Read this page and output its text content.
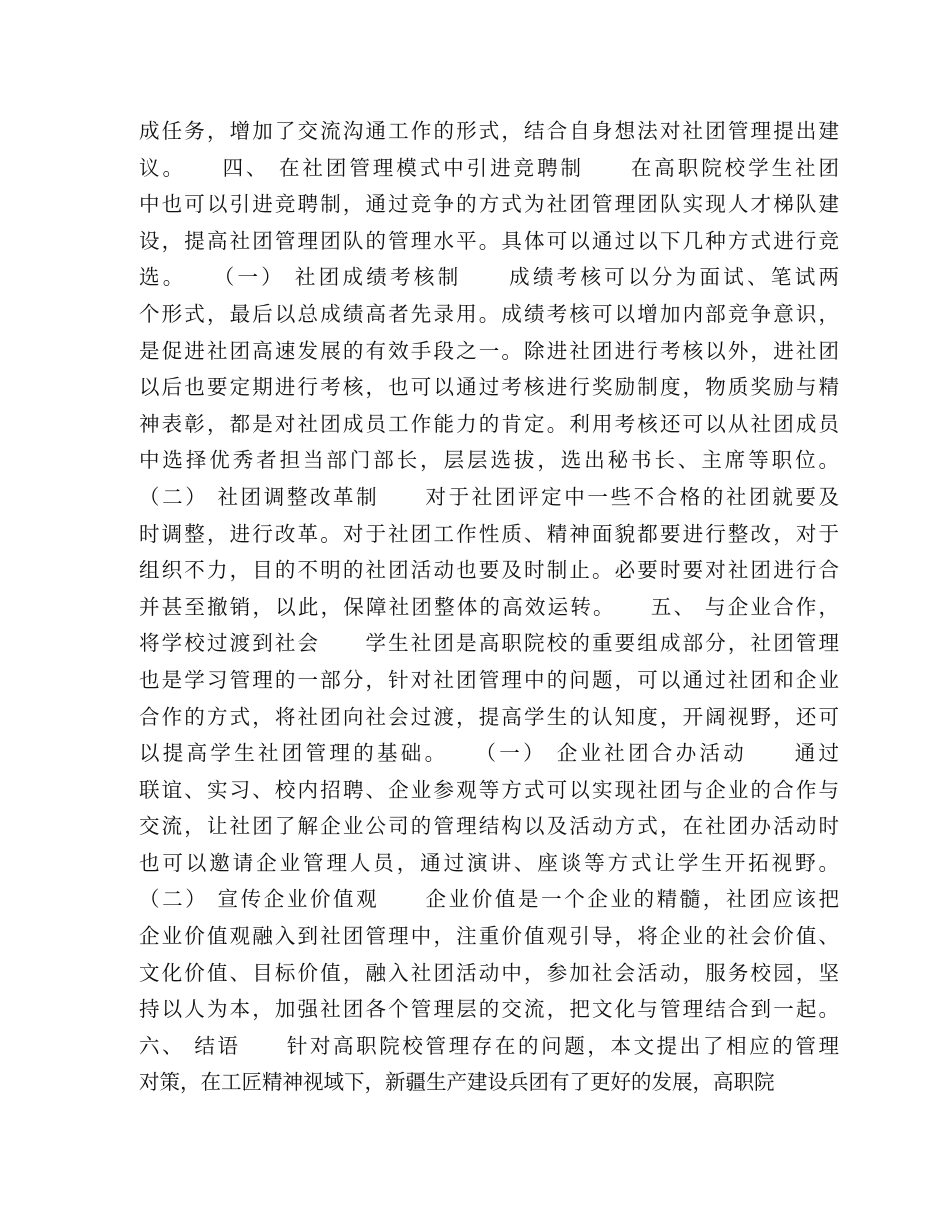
成任务，增加了交流沟通工作的形式，结合自身想法对社团管理提出建
议。　　四、 在社团管理模式中引进竞聘制　　在高职院校学生社团
中也可以引进竞聘制，通过竞争的方式为社团管理团队实现人才梯队建
设，提高社团管理团队的管理水平。具体可以通过以下几种方式进行竞
选。　　（一） 社团成绩考核制　　成绩考核可以分为面试、笔试两
个形式，最后以总成绩高者先录用。成绩考核可以增加内部竞争意识，
是促进社团高速发展的有效手段之一。除进社团进行考核以外，进社团
以后也要定期进行考核，也可以通过考核进行奖励制度，物质奖励与精
神表彰，都是对社团成员工作能力的肯定。利用考核还可以从社团成员
中选择优秀者担当部门部长，层层选拔，选出秘书长、主席等职位。
（二） 社团调整改革制　　对于社团评定中一些不合格的社团就要及
时调整，进行改革。对于社团工作性质、精神面貌都要进行整改，对于
组织不力，目的不明的社团活动也要及时制止。必要时要对社团进行合
并甚至撤销，以此，保障社团整体的高效运转。　　五、 与企业合作，
将学校过渡到社会　　学生社团是高职院校的重要组成部分，社团管理
也是学习管理的一部分，针对社团管理中的问题，可以通过社团和企业
合作的方式，将社团向社会过渡，提高学生的认知度，开阔视野，还可
以提高学生社团管理的基础。　　（一） 企业社团合办活动　　通过
联谊、实习、校内招聘、企业参观等方式可以实现社团与企业的合作与
交流，让社团了解企业公司的管理结构以及活动方式，在社团办活动时
也可以邀请企业管理人员，通过演讲、座谈等方式让学生开拓视野。
（二） 宣传企业价值观　　企业价值是一个企业的精髓，社团应该把
企业价值观融入到社团管理中，注重价值观引导，将企业的社会价值、
文化价值、目标价值，融入社团活动中，参加社会活动，服务校园，坚
持以人为本，加强社团各个管理层的交流，把文化与管理结合到一起。
六、 结语　　针对高职院校管理存在的问题，本文提出了相应的管理
对策，在工匠精神视域下，新疆生产建设兵团有了更好的发展，高职院
